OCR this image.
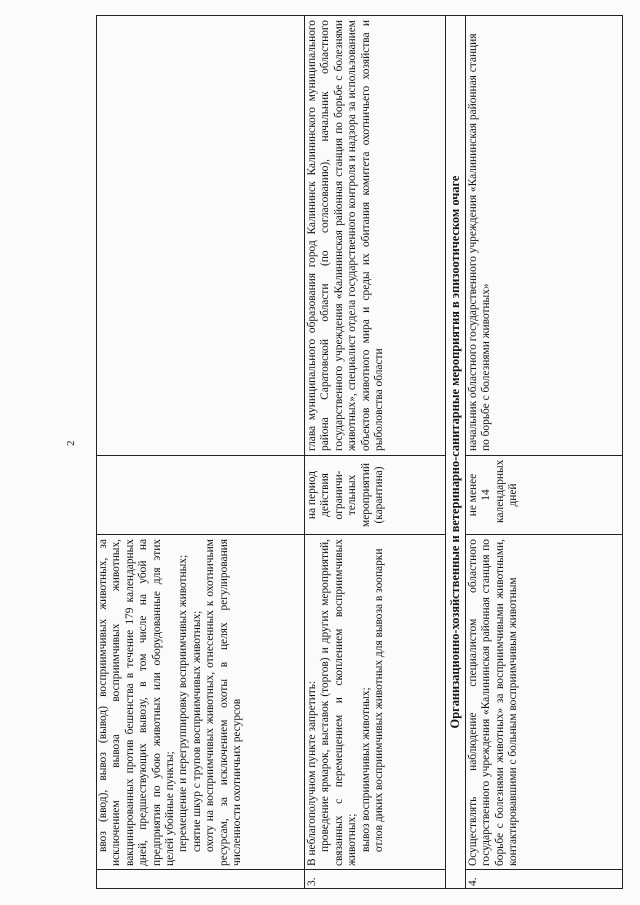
2

ввоз (ввод), вывоз (вывод) восприимчивых животных, за исключением вывоза восприимчивых животных, вакцинированных против бешенства в течение 179 календарных дней, предшествующих вывозу, в том числе на убой на предприятия по убою животных или оборудованные для этих целей убойные пункты; перемещение и перегруппировку восприимчивых животных; снятие шкур с трупов восприимчивых животных; охоту на восприимчивых животных, отнесенных к охотничьим ресурсам, за исключением охоты в целях регулирования численности охотничьих ресурсов

3.

В неблагополучном пункте запретить: проведение ярмарок, выставок (торгов) и других мероприятий, связанных с перемещением и скоплением восприимчивых животных; вывоз восприимчивых животных; отлов диких восприимчивых животных для вывоза в зоопарки

на период действия ограничи-тельных мероприятий (карантина)
глава муниципального образования город Калининск Калининского муниципального района Саратовской области (по согласованию), начальник областного государственного учреждения «Калининская районная станция по борьбе с болезнями животных», специалист отдела государственного контроля и надзора за использованием объектов животного мира и среды их обитания комитета охотничьего хозяйства и рыболовства области	Организационно-хозяйственные и ветеринарно-санитарные мероприятия в эпизоотическом очаге
4.
Осуществлять наблюдение специалистом областного государственного учреждения «Калининская районная станция по борьбе с болезнями животных» за восприимчивыми животными, контактировавшими с больным восприимчивым животным
не менее 14 календарных дней
начальник областного государственного учреждения «Калининская районная станция по борьбе с болезнями животных»
